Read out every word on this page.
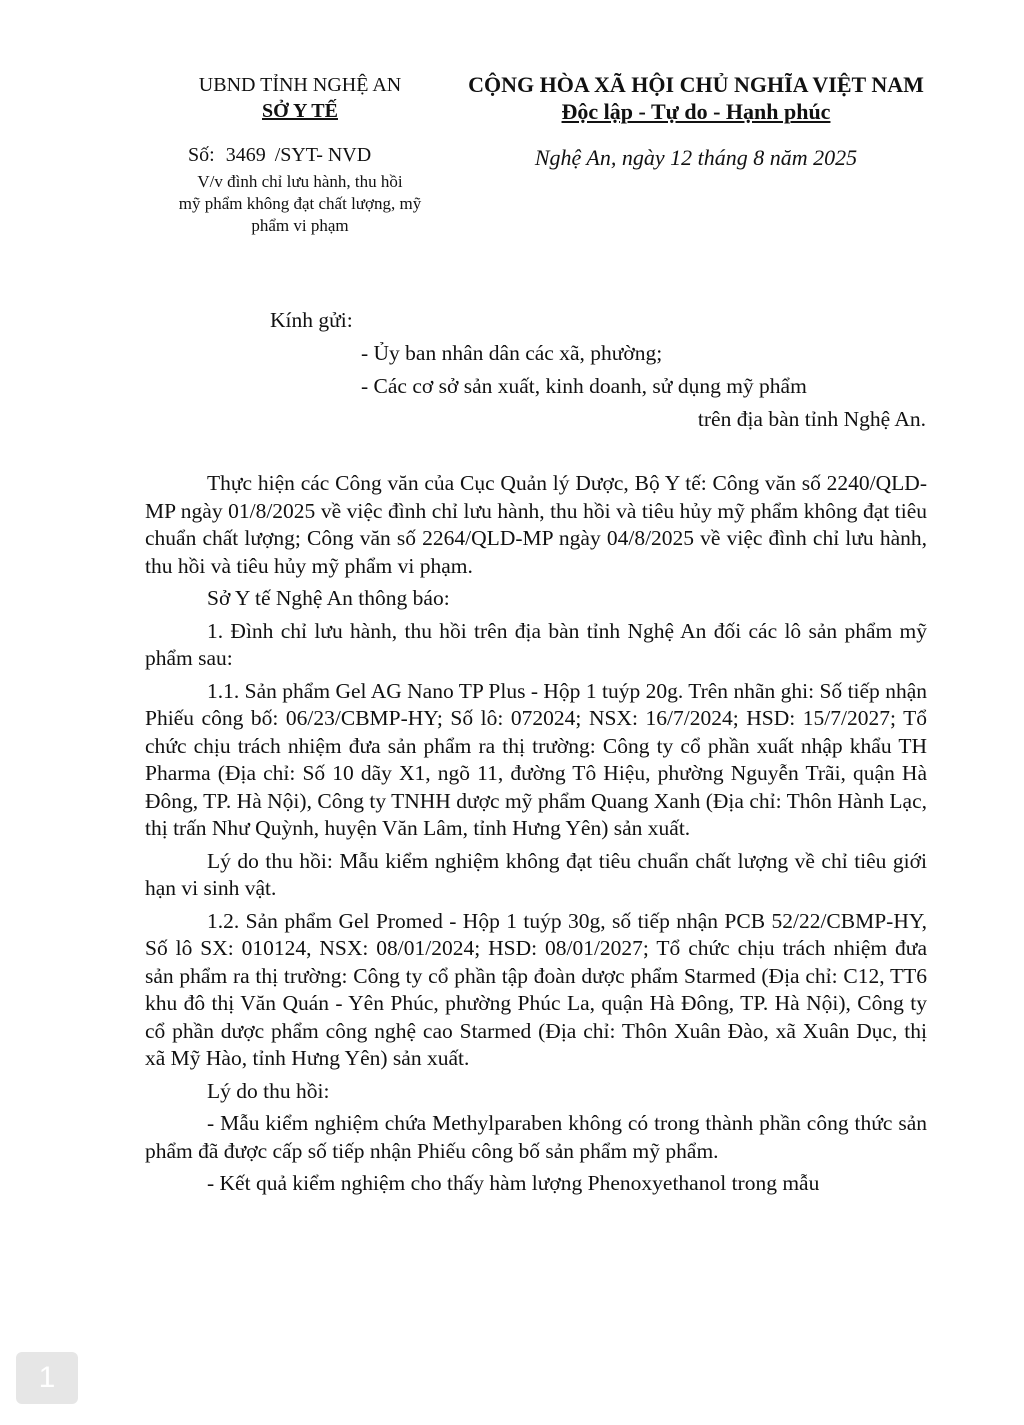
UBND TỈNH NGHỆ AN
SỞ Y TẾ
Số: 3469 /SYT- NVD
V/v đình chỉ lưu hành, thu hồi
mỹ phẩm không đạt chất lượng, mỹ
phẩm vi phạm
CỘNG HÒA XÃ HỘI CHỦ NGHĨA VIỆT NAM
Độc lập - Tự do - Hạnh phúc
Nghệ An, ngày 12 tháng 8 năm 2025
Kính gửi:
- Ủy ban nhân dân các xã, phường;
- Các cơ sở sản xuất, kinh doanh, sử dụng mỹ phẩm
trên địa bàn tỉnh Nghệ An.

Thực hiện các Công văn của Cục Quản lý Dược, Bộ Y tế: Công văn số 2240/QLD-MP ngày 01/8/2025 về việc đình chỉ lưu hành, thu hồi và tiêu hủy mỹ phẩm không đạt tiêu chuẩn chất lượng; Công văn số 2264/QLD-MP ngày 04/8/2025 về việc đình chỉ lưu hành, thu hồi và tiêu hủy mỹ phẩm vi phạm.

Sở Y tế Nghệ An thông báo:

1. Đình chỉ lưu hành, thu hồi trên địa bàn tỉnh Nghệ An đối các lô sản phẩm mỹ phẩm sau:

1.1. Sản phẩm Gel AG Nano TP Plus - Hộp 1 tuýp 20g. Trên nhãn ghi: Số tiếp nhận Phiếu công bố: 06/23/CBMP-HY; Số lô: 072024; NSX: 16/7/2024; HSD: 15/7/2027; Tổ chức chịu trách nhiệm đưa sản phẩm ra thị trường: Công ty cổ phần xuất nhập khẩu TH Pharma (Địa chỉ: Số 10 dãy X1, ngõ 11, đường Tô Hiệu, phường Nguyễn Trãi, quận Hà Đông, TP. Hà Nội), Công ty TNHH dược mỹ phẩm Quang Xanh (Địa chỉ: Thôn Hành Lạc, thị trấn Như Quỳnh, huyện Văn Lâm, tỉnh Hưng Yên) sản xuất.

Lý do thu hồi: Mẫu kiểm nghiệm không đạt tiêu chuẩn chất lượng về chỉ tiêu giới hạn vi sinh vật.

1.2. Sản phẩm Gel Promed - Hộp 1 tuýp 30g, số tiếp nhận PCB 52/22/CBMP-HY, Số lô SX: 010124, NSX: 08/01/2024; HSD: 08/01/2027; Tổ chức chịu trách nhiệm đưa sản phẩm ra thị trường: Công ty cổ phần tập đoàn dược phẩm Starmed (Địa chỉ: C12, TT6 khu đô thị Văn Quán - Yên Phúc, phường Phúc La, quận Hà Đông, TP. Hà Nội), Công ty cổ phần dược phẩm công nghệ cao Starmed (Địa chỉ: Thôn Xuân Đào, xã Xuân Dục, thị xã Mỹ Hào, tỉnh Hưng Yên) sản xuất.

Lý do thu hồi:

- Mẫu kiểm nghiệm chứa Methylparaben không có trong thành phần công thức sản phẩm đã được cấp số tiếp nhận Phiếu công bố sản phẩm mỹ phẩm.

- Kết quả kiểm nghiệm cho thấy hàm lượng Phenoxyethanol trong mẫu

1
